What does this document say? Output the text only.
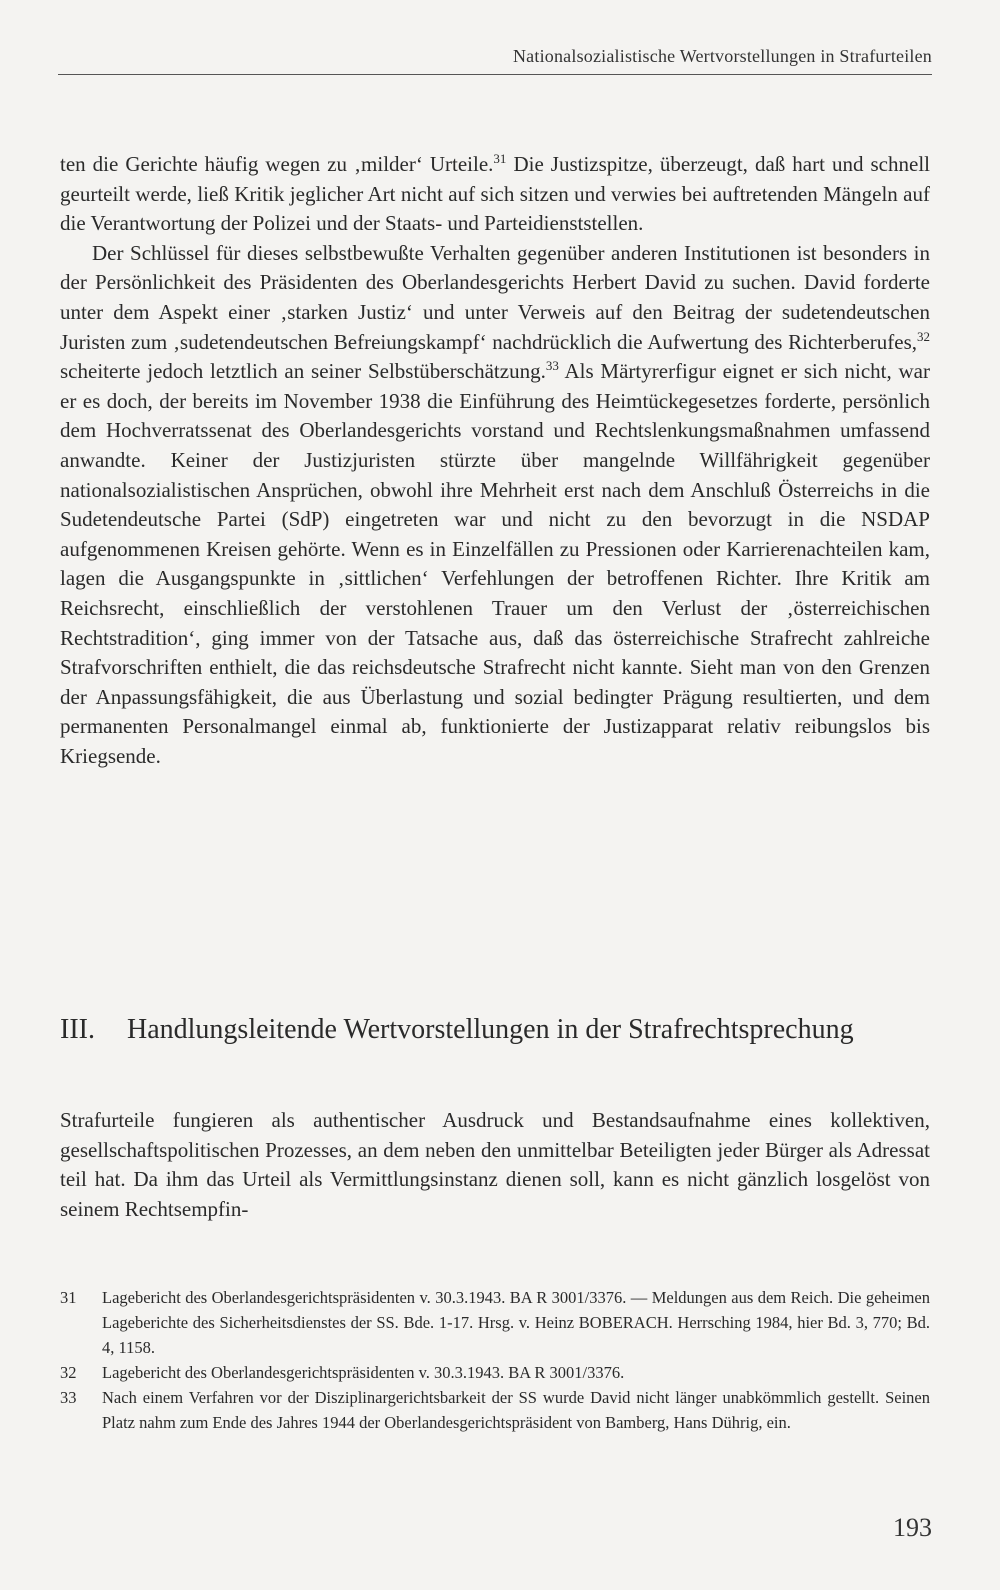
Nationalsozialistische Wertvorstellungen in Strafurteilen

ten die Gerichte häufig wegen zu ‚milder‘ Urteile.$^{31}$ Die Justizspitze, überzeugt, daß hart und schnell geurteilt werde, ließ Kritik jeglicher Art nicht auf sich sitzen und verwies bei auftretenden Mängeln auf die Verantwortung der Polizei und der Staats- und Parteidienststellen.

Der Schlüssel für dieses selbstbewußte Verhalten gegenüber anderen Institutionen ist besonders in der Persönlichkeit des Präsidenten des Oberlandesgerichts Herbert David zu suchen. David forderte unter dem Aspekt einer ‚starken Justiz‘ und unter Verweis auf den Beitrag der sudetendeutschen Juristen zum ‚sudetendeutschen Befreiungskampf‘ nachdrücklich die Aufwertung des Richterberufes,$^{32}$ scheiterte jedoch letztlich an seiner Selbstüberschätzung.$^{33}$ Als Märtyrerfigur eignet er sich nicht, war er es doch, der bereits im November 1938 die Einführung des Heimtückegesetzes forderte, persönlich dem Hochverratssenat des Oberlandesgerichts vorstand und Rechtslenkungsmaßnahmen umfassend anwandte. Keiner der Justizjuristen stürzte über mangelnde Willfährigkeit gegenüber nationalsozialistischen Ansprüchen, obwohl ihre Mehrheit erst nach dem Anschluß Österreichs in die Sudetendeutsche Partei (SdP) eingetreten war und nicht zu den bevorzugt in die NSDAP aufgenommenen Kreisen gehörte. Wenn es in Einzelfällen zu Pressionen oder Karrierenachteilen kam, lagen die Ausgangspunkte in ‚sittlichen‘ Verfehlungen der betroffenen Richter. Ihre Kritik am Reichsrecht, einschließlich der verstohlenen Trauer um den Verlust der ‚österreichischen Rechtstradition‘, ging immer von der Tatsache aus, daß das österreichische Strafrecht zahlreiche Strafvorschriften enthielt, die das reichsdeutsche Strafrecht nicht kannte. Sieht man von den Grenzen der Anpassungsfähigkeit, die aus Überlastung und sozial bedingter Prägung resultierten, und dem permanenten Personalmangel einmal ab, funktionierte der Justizapparat relativ reibungslos bis Kriegsende.

III.	Handlungsleitende Wertvorstellungen in der Strafrechtsprechung

Strafurteile fungieren als authentischer Ausdruck und Bestandsaufnahme eines kollektiven, gesellschaftspolitischen Prozesses, an dem neben den unmittelbar Beteiligten jeder Bürger als Adressat teil hat. Da ihm das Urteil als Vermittlungsinstanz dienen soll, kann es nicht gänzlich losgelöst von seinem Rechtsempfin-

31	Lagebericht des Oberlandesgerichtspräsidenten v. 30.3.1943. BA R 3001/3376. — Meldungen aus dem Reich. Die geheimen Lageberichte des Sicherheitsdienstes der SS. Bde. 1-17. Hrsg. v. Heinz BOBERACH. Herrsching 1984, hier Bd. 3, 770; Bd. 4, 1158.
32	Lagebericht des Oberlandesgerichtspräsidenten v. 30.3.1943. BA R 3001/3376.
33	Nach einem Verfahren vor der Disziplinargerichtsbarkeit der SS wurde David nicht länger unabkömmlich gestellt. Seinen Platz nahm zum Ende des Jahres 1944 der Oberlandesgerichtspräsident von Bamberg, Hans Dührig, ein.
193
